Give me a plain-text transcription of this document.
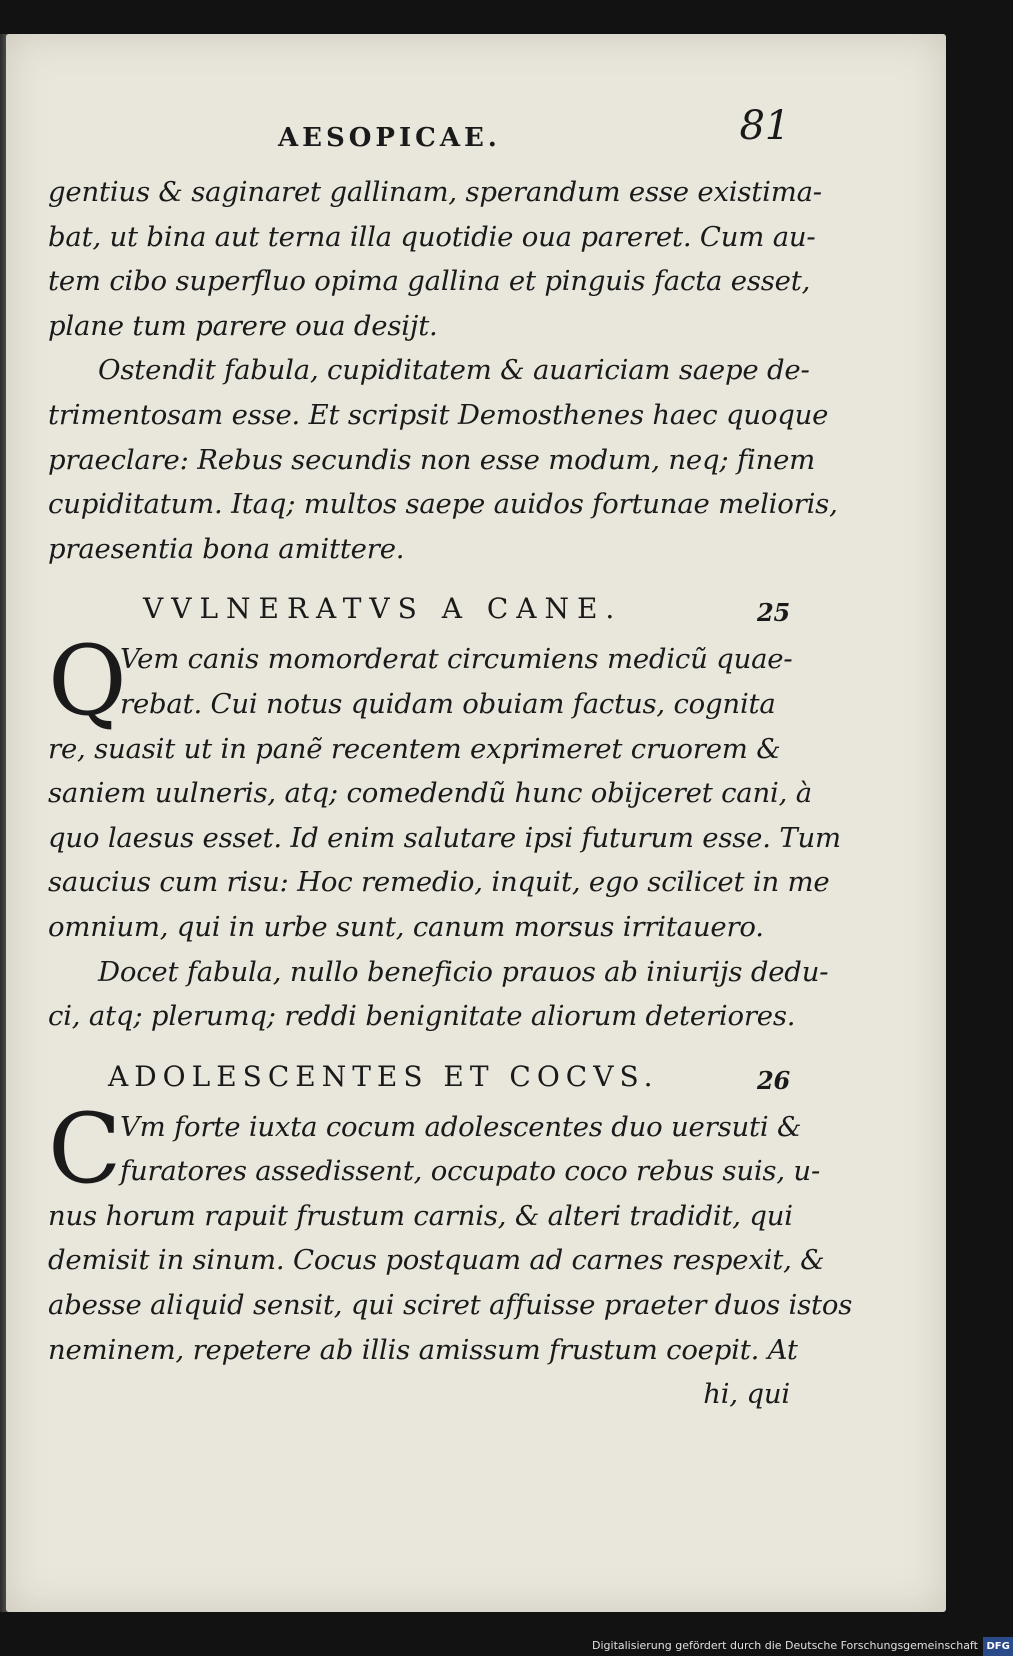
AESOPICAE.	81
gentius & saginaret gallinam, sperandum esse existima-
bat, ut bina aut terna illa quotidie oua pareret. Cum au-
tem cibo superfluo opima gallina et pinguis facta esset,
plane tum parere oua desijt.
Ostendit fabula, cupiditatem & auariciam saepe de-
trimentosam esse. Et scripsit Demosthenes haec quoque
praeclare: Rebus secundis non esse modum, neq; finem
cupiditatum. Itaq; multos saepe auidos fortunae melioris,
praesentia bona amittere.
VVLNERATVS A CANE.	25
Q
Vem canis momorderat circumiens medicũ quae-
rebat. Cui notus quidam obuiam factus, cognita
re, suasit ut in panẽ recentem exprimeret cruorem &
saniem uulneris, atq; comedendũ hunc obijceret cani, à
quo laesus esset. Id enim salutare ipsi futurum esse. Tum
saucius cum risu: Hoc remedio, inquit, ego scilicet in me
omnium, qui in urbe sunt, canum morsus irritauero.
Docet fabula, nullo beneficio prauos ab iniurijs dedu-
ci, atq; plerumq; reddi benignitate aliorum deteriores.
ADOLESCENTES ET COCVS.	26
C
Vm forte iuxta cocum adolescentes duo uersuti &
furatores assedissent, occupato coco rebus suis, u-
nus horum rapuit frustum carnis, & alteri tradidit, qui
demisit in sinum. Cocus postquam ad carnes respexit, &
abesse aliquid sensit, qui sciret affuisse praeter duos istos
neminem, repetere ab illis amissum frustum coepit. At
hi, qui
Digitalisierung gefördert durch die Deutsche Forschungsgemeinschaft DFG
